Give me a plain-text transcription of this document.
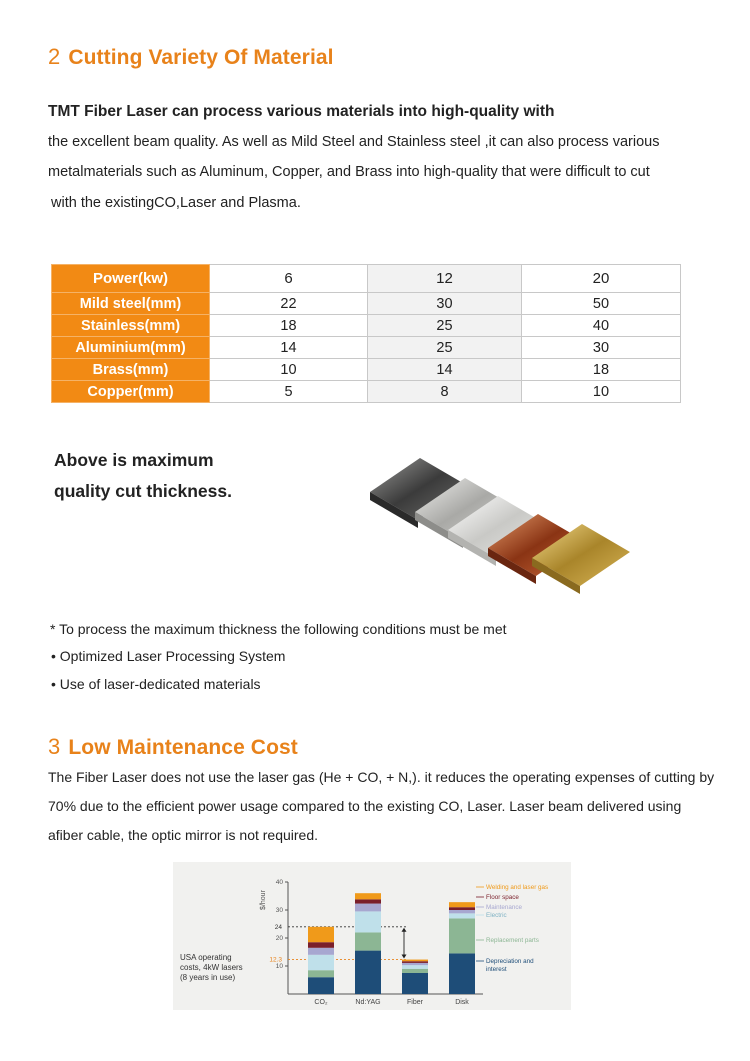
2 Cutting Variety Of Material
TMT Fiber Laser can process various materials into high-quality with
the excellent beam quality. As well as Mild Steel and Stainless steel ,it can also process various
metalmaterials such as Aluminum, Copper, and Brass into high-quality that were difficult to cut
with the existingCO,Laser and Plasma.
Power(kw)	6	12	20
Mild steel(mm)	22	30	50
Stainless(mm)	18	25	40
Aluminium(mm)	14	25	30
Brass(mm)	10	14	18
Copper(mm)	5	8	10
Above is maximum
quality cut thickness.
* To process the maximum thickness the following conditions must be met
• Optimized Laser Processing System
• Use of laser-dedicated materials
3 Low Maintenance Cost
The Fiber Laser does not use the laser gas (He + CO, + N,). it reduces the operating expenses of cutting by
70% due to the efficient power usage compared to the existing CO, Laser. Laser beam delivered using
afiber cable, the optic mirror is not required.
10
20
30
40
$/hour
24
12.3
CO₂	Nd:YAG	Fiber	Disk
Welding and laser gas
Floor space
Maintenance
Electric
Replacement parts
Depreciation and
interest
USA operating
costs, 4kW lasers
(8 years in use)
